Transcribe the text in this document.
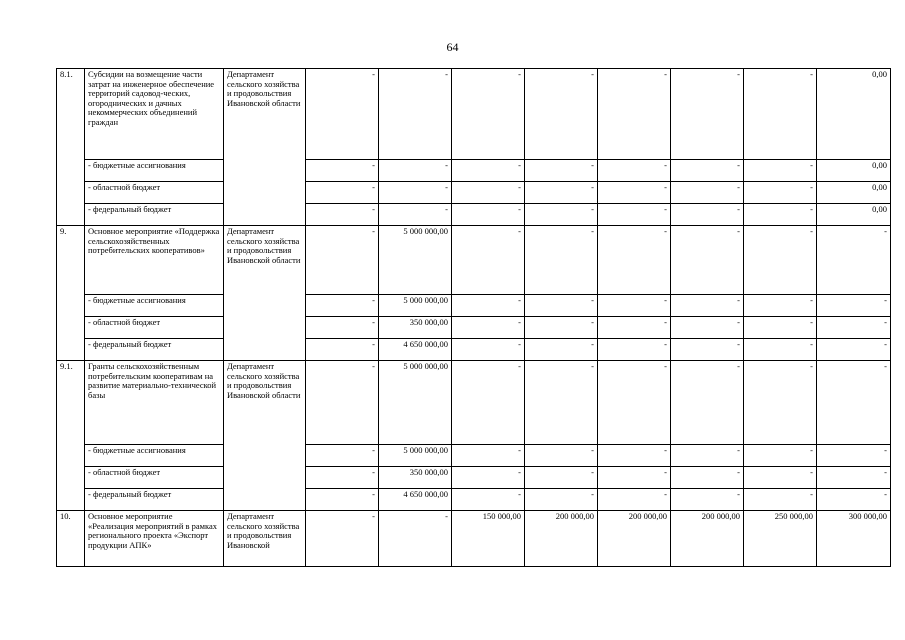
64
8.1.	Субсидии на возмещение части затрат на инженерное обеспечение территорий садовод-ческих, огороднических и дачных некоммерческих объединений граждан	Департамент сельского хозяйства и продовольствия Ивановской области	-	-	-	-	-	-	-	0,00
	- бюджетные ассигнования		-	-	-	-	-	-	-	0,00
	- областной бюджет		-	-	-	-	-	-	-	0,00
	- федеральный бюджет		-	-	-	-	-	-	-	0,00
9.	Основное мероприятие «Поддержка сельскохозяйственных потребительских кооперативов»	Департамент сельского хозяйства и продовольствия Ивановской области	-	5 000 000,00	-	-	-	-	-	-
	- бюджетные ассигнования		-	5 000 000,00	-	-	-	-	-	-
	- областной бюджет		-	350 000,00	-	-	-	-	-	-
	- федеральный бюджет		-	4 650 000,00	-	-	-	-	-	-
9.1.	Гранты сельскохозяйственным потребительским кооперативам на развитие материально-технической базы	Департамент сельского хозяйства и продовольствия Ивановской области	-	5 000 000,00	-	-	-	-	-	-
	- бюджетные ассигнования		-	5 000 000,00	-	-	-	-	-	-
	- областной бюджет		-	350 000,00	-	-	-	-	-	-
	- федеральный бюджет		-	4 650 000,00	-	-	-	-	-	-
10.	Основное мероприятие «Реализация мероприятий в рамках регионального проекта «Экспорт продукции АПК»	Департамент сельского хозяйства и продовольствия Ивановской	-	-	150 000,00	200 000,00	200 000,00	200 000,00	250 000,00	300 000,00
